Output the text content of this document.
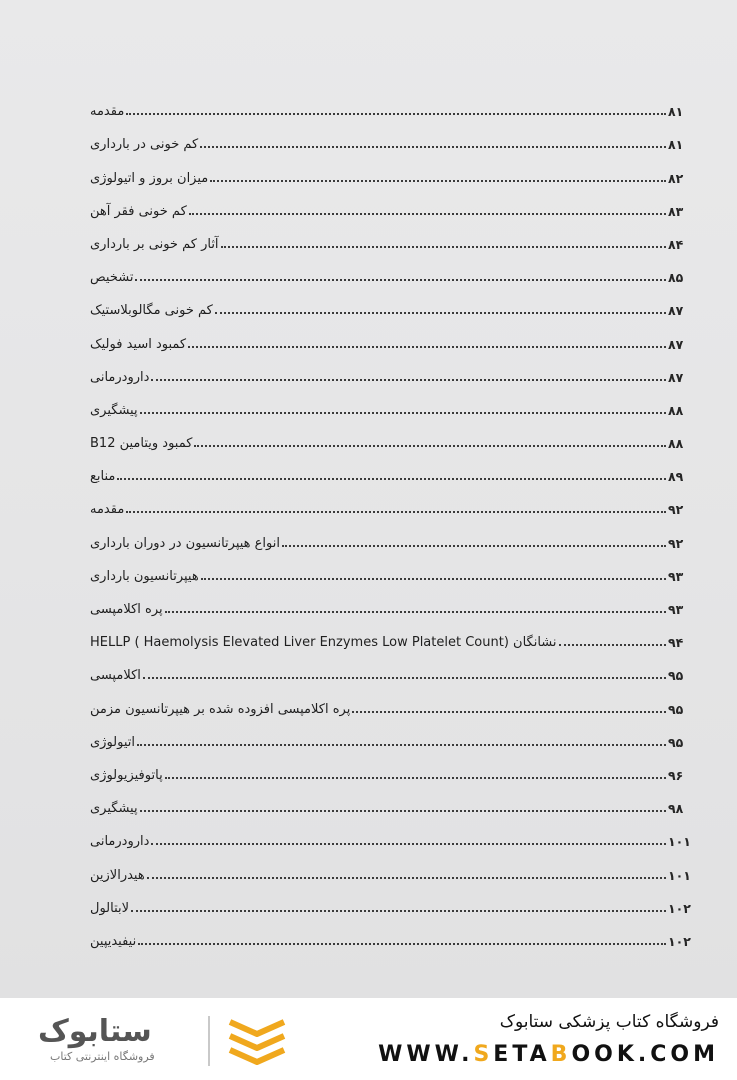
مقدمه	۸۱
کم خونی در بارداری	۸۱
میزان بروز و اتیولوژی	۸۲
کم خونی فقر آهن	۸۳
آثار کم خونی بر بارداری	۸۴
تشخیص	۸۵
کم خونی مگالوبلاستیک	۸۷
کمبود اسید فولیک	۸۷
دارودرمانی	۸۷
پیشگیری	۸۸
کمبود ویتامین B12	۸۸
منابع	۸۹
مقدمه	۹۲
انواع هیپرتانسیون در دوران بارداری	۹۲
هیپرتانسیون بارداری	۹۳
پره اکلامپسی	۹۳
نشانگان HELLP ( Haemolysis Elevated Liver Enzymes Low Platelet Count)	۹۴
اکلامپسی	۹۵
پره اکلامپسی افزوده شده بر هیپرتانسیون مزمن	۹۵
اتیولوژی	۹۵
پاتوفیزیولوژی	۹۶
پیشگیری	۹۸
دارودرمانی	۱۰۱
هیدرالازین	۱۰۱
لابتالول	۱۰۲
نیفیدیپین	۱۰۲
ستابوک
فروشگاه اینترنتی کتاب
فروشگاه کتاب پزشکی ستابوک
WWW.SETABOOK.COM
